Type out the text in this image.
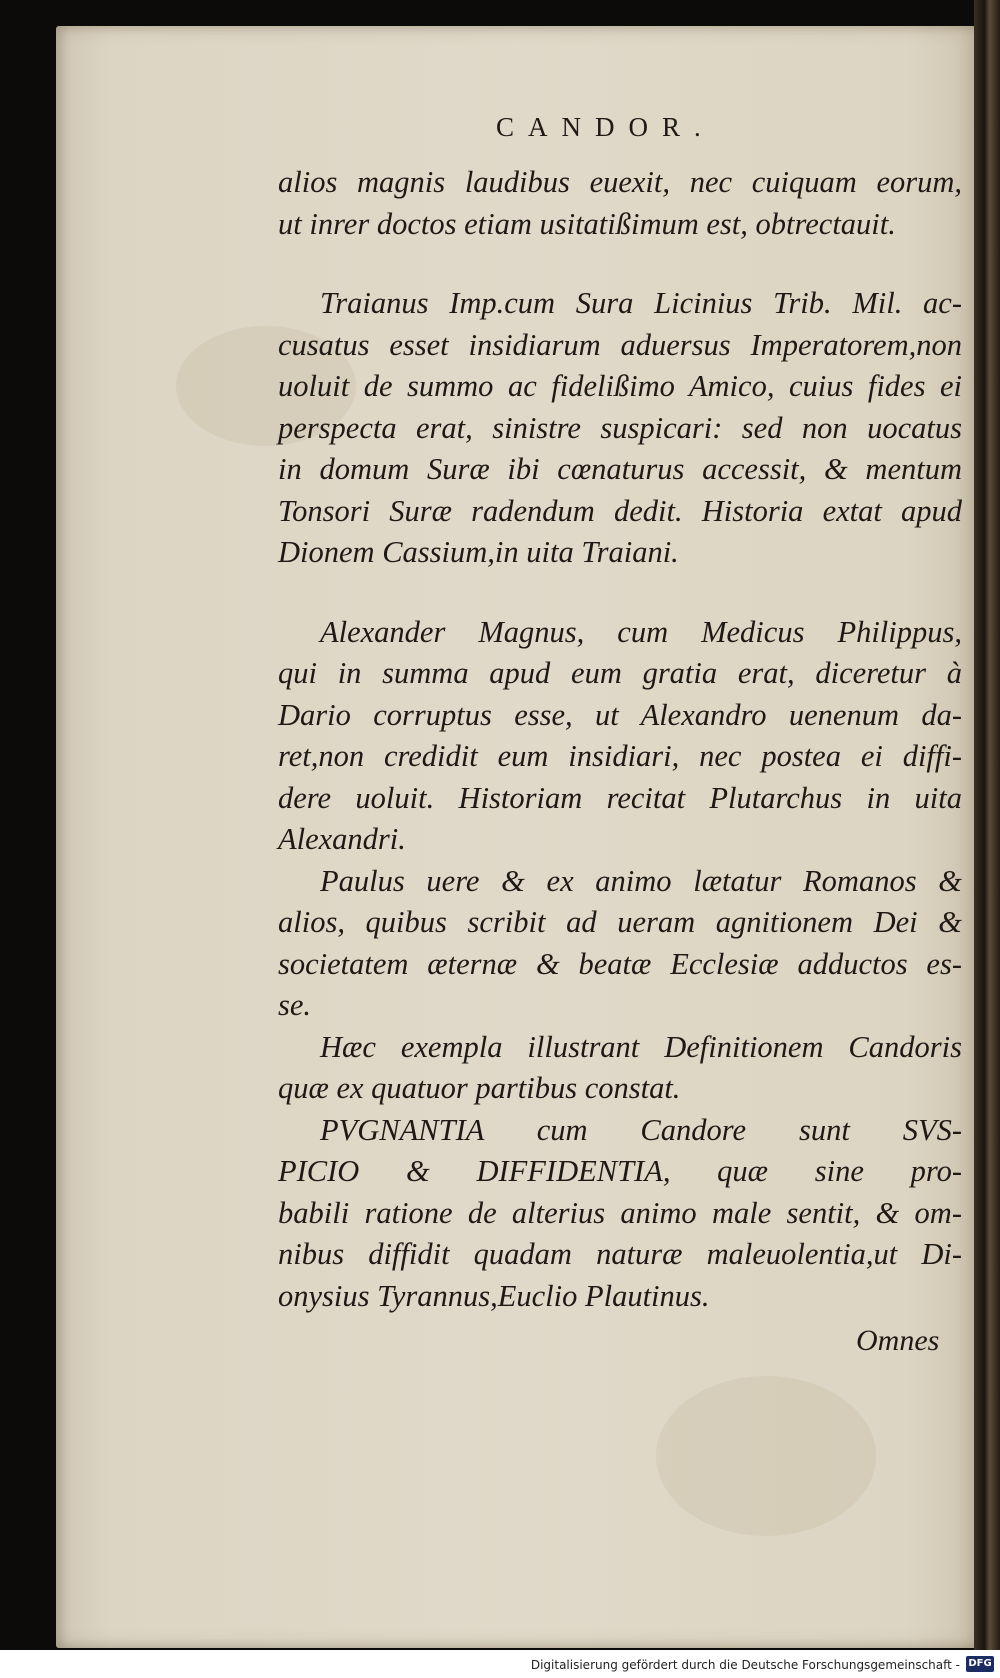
CANDOR.
alios magnis laudibus euexit, nec cuiquam eorum,
ut inrer doctos etiam usitatißimum est, obtrectauit.
Traianus Imp.cum Sura Licinius Trib. Mil. ac-
cusatus esset insidiarum aduersus Imperatorem,non
uoluit de summo ac fidelißimo Amico, cuius fides ei
perspecta erat, sinistre suspicari: sed non uocatus
in domum Suræ ibi cœnaturus accessit, & mentum
Tonsori Suræ radendum dedit. Historia extat apud
Dionem Cassium,in uita Traiani.
Alexander Magnus, cum Medicus Philippus,
qui in summa apud eum gratia erat, diceretur à
Dario corruptus esse, ut Alexandro uenenum da-
ret,non credidit eum insidiari, nec postea ei diffi-
dere uoluit. Historiam recitat Plutarchus in uita
Alexandri.
Paulus uere & ex animo lætatur Romanos &
alios, quibus scribit ad ueram agnitionem Dei &
societatem æternæ & beatæ Ecclesiæ adductos es-
se.
Hæc exempla illustrant Definitionem Candoris
quæ ex quatuor partibus constat.
PVGNANTIA cum Candore sunt SVS-
PICIO & DIFFIDENTIA, quæ sine pro-
babili ratione de alterius animo male sentit, & om-
nibus diffidit quadam naturæ maleuolentia,ut Di-
onysius Tyrannus,Euclio Plautinus.
Omnes
Digitalisierung gefördert durch die Deutsche Forschungsgemeinschaft - DFG
